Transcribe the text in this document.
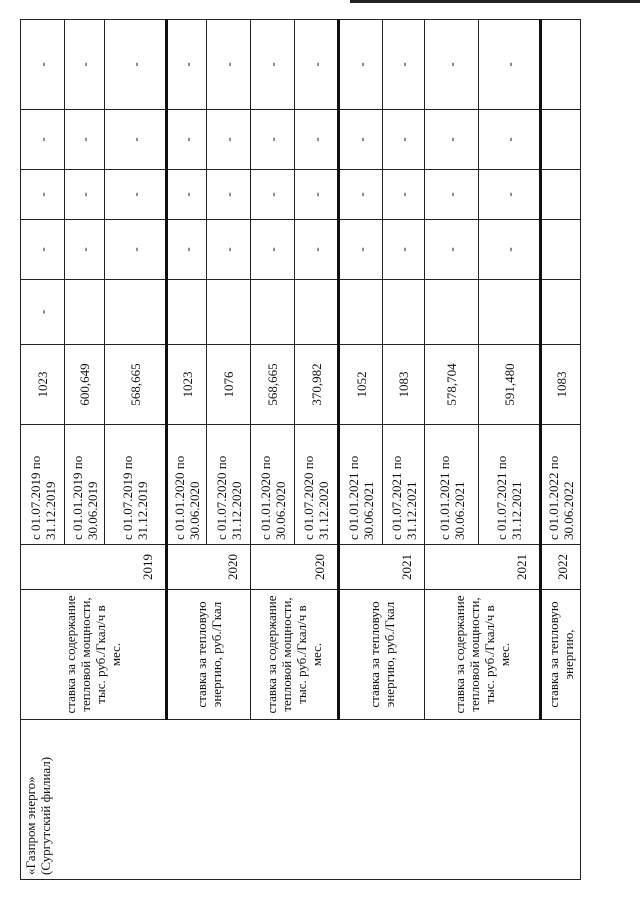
«Газпром энерго» (Сургутский филиал)	ставка за содержание тепловой мощности, тыс. руб./Гкал/ч в мес.	2019	с 01.07.2019 по 31.12.2019	1023	-	-	-	-	-
			с 01.01.2019 по 30.06.2019	600,649		-	-	-	-
			с 01.07.2019 по 31.12.2019	568,665		-	-	-	-
	ставка за тепловую энергию, руб./Гкал	2020	с 01.01.2020 по 30.06.2020	1023		-	-	-	-
			с 01.07.2020 по 31.12.2020	1076		-	-	-	-
	ставка за содержание тепловой мощности, тыс. руб./Гкал/ч в мес.	2020	с 01.01.2020 по 30.06.2020	568,665		-	-	-	-
			с 01.07.2020 по 31.12.2020	370,982		-	-	-	-
	ставка за тепловую энергию, руб./Гкал	2021	с 01.01.2021 по 30.06.2021	1052		-	-	-	-
			с 01.07.2021 по 31.12.2021	1083		-	-	-	-
	ставка за содержание тепловой мощности, тыс. руб./Гкал/ч в мес.	2021	с 01.01.2021 по 30.06.2021	578,704		-	-	-	-
			с 01.07.2021 по 31.12.2021	591,480		-	-	-	-
	ставка за тепловую энергию,	2022	с 01.01.2022 по 30.06.2022	1083					
